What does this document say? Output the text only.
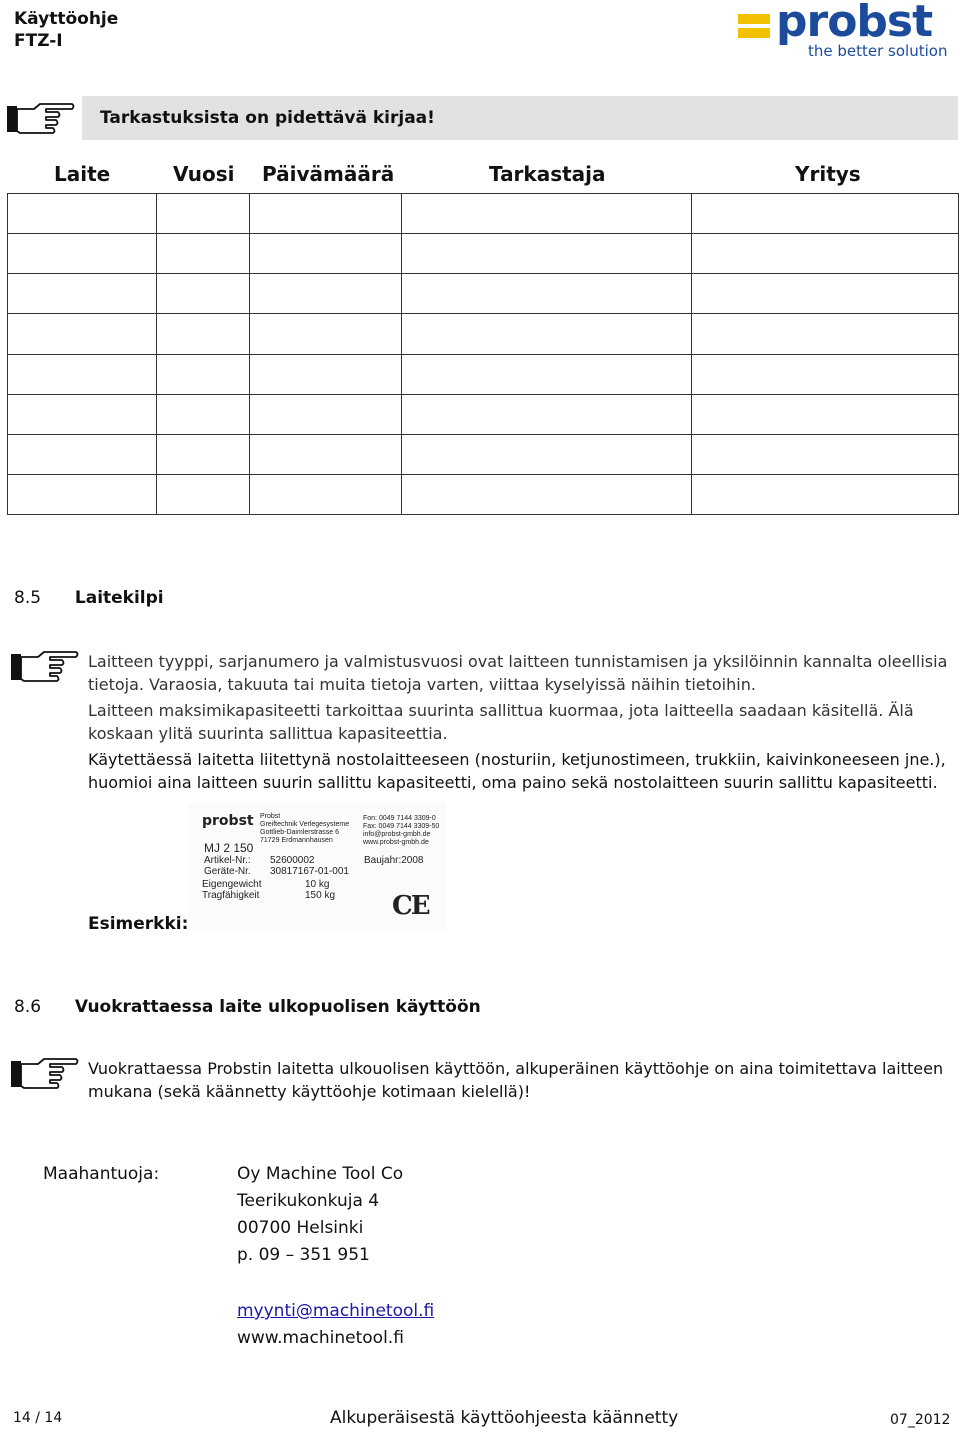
Käyttöohje
FTZ-I	probst
the better solution
Tarkastuksista on pidettävä kirjaa!
Laite	Vuosi Päivämäärä	Tarkastaja	Yritys

8.5 Laitekilpi
Laitteen tyyppi, sarjanumero ja valmistusvuosi ovat laitteen tunnistamisen ja yksilöinnin kannalta oleellisia tietoja. Varaosia, takuuta tai muita tietoja varten, viittaa kyselyissä näihin tietoihin.
Laitteen maksimikapasiteetti tarkoittaa suurinta sallittua kuormaa, jota laitteella saadaan käsitellä. Älä koskaan ylitä suurinta sallittua kapasiteettia.
Käytettäessä laitetta liitettynä nostolaitteeseen (nosturiin, ketjunostimeen, trukkiin, kaivinkoneeseen jne.), huomioi aina laitteen suurin sallittu kapasiteetti, oma paino sekä nostolaitteen suurin sallittu kapasiteetti.
Esimerkki:
probst Probst
Greiftechnik Verlegesysteme
Gottlieb-Daimlerstrasse 6
71729 Erdmannhausen
Fon: 0049 7144 3309-0
Fax: 0049 7144 3309-50
info@probst-gmbh.de
www.probst-gmbh.de
MJ 2 150
Artikel-Nr.: 52600002	Baujahr:2008
Geräte-Nr. 30817167-01-001
Eigengewicht	10 kg
Tragfähigkeit	150 kg CE
8.6 Vuokrattaessa laite ulkopuolisen käyttöön
Vuokrattaessa Probstin laitetta ulkouolisen käyttöön, alkuperäinen käyttöohje on aina toimitettava laitteen mukana (sekä käännetty käyttöohje kotimaan kielellä)!
Maahantuoja:	Oy Machine Tool Co
Teerikukonkuja 4
00700 Helsinki
p. 09 – 351 951
myynti@machinetool.fi
www.machinetool.fi
14 / 14	Alkuperäisestä käyttöohjeesta käännetty	07_2012
